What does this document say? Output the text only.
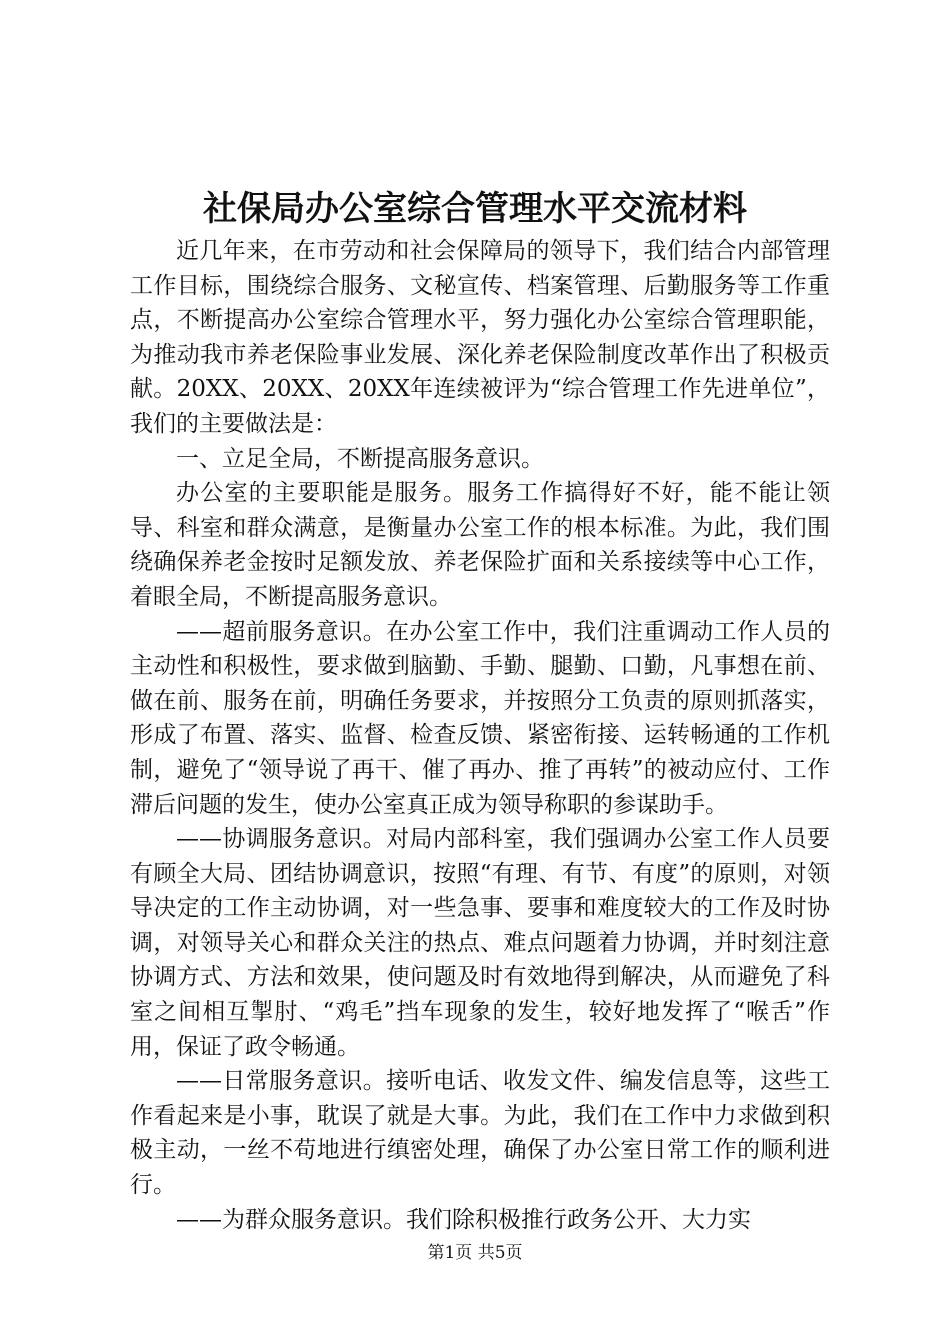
社保局办公室综合管理水平交流材料

近几年来，在市劳动和社会保障局的领导下，我们结合内部管理工作目标，围绕综合服务、文秘宣传、档案管理、后勤服务等工作重点，不断提高办公室综合管理水平，努力强化办公室综合管理职能，为推动我市养老保险事业发展、深化养老保险制度改革作出了积极贡献。20XX、20XX、20XX年连续被评为“综合管理工作先进单位”，我们的主要做法是：

一、立足全局，不断提高服务意识。

办公室的主要职能是服务。服务工作搞得好不好，能不能让领导、科室和群众满意，是衡量办公室工作的根本标准。为此，我们围绕确保养老金按时足额发放、养老保险扩面和关系接续等中心工作，着眼全局，不断提高服务意识。

——超前服务意识。在办公室工作中，我们注重调动工作人员的主动性和积极性，要求做到脑勤、手勤、腿勤、口勤，凡事想在前、做在前、服务在前，明确任务要求，并按照分工负责的原则抓落实，形成了布置、落实、监督、检查反馈、紧密衔接、运转畅通的工作机制，避免了“领导说了再干、催了再办、推了再转”的被动应付、工作滞后问题的发生，使办公室真正成为领导称职的参谋助手。

——协调服务意识。对局内部科室，我们强调办公室工作人员要有顾全大局、团结协调意识，按照“有理、有节、有度”的原则，对领导决定的工作主动协调，对一些急事、要事和难度较大的工作及时协调，对领导关心和群众关注的热点、难点问题着力协调，并时刻注意协调方式、方法和效果，使问题及时有效地得到解决，从而避免了科室之间相互掣肘、“鸡毛”挡车现象的发生，较好地发挥了“喉舌”作用，保证了政令畅通。

——日常服务意识。接听电话、收发文件、编发信息等，这些工作看起来是小事，耽误了就是大事。为此，我们在工作中力求做到积极主动，一丝不苟地进行缜密处理，确保了办公室日常工作的顺利进行。

——为群众服务意识。我们除积极推行政务公开、大力实

第1页 共5页
